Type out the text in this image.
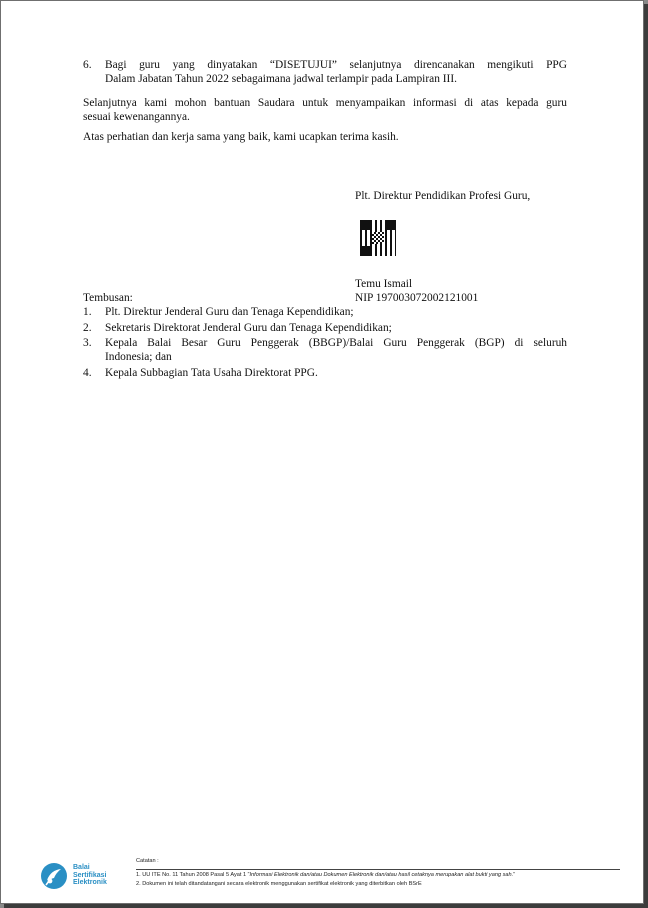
6. Bagi guru yang dinyatakan “DISETUJUI” selanjutnya direncanakan mengikuti PPG
Dalam Jabatan Tahun 2022 sebagaimana jadwal terlampir pada Lampiran III.
Selanjutnya kami mohon bantuan Saudara untuk menyampaikan informasi di atas kepada guru
sesuai kewenangannya.
Atas perhatian dan kerja sama yang baik, kami ucapkan terima kasih.
Plt. Direktur Pendidikan Profesi Guru,
Temu Ismail
NIP 197003072002121001
Tembusan:
1. Plt. Direktur Jenderal Guru dan Tenaga Kependidikan;
2. Sekretaris Direktorat Jenderal Guru dan Tenaga Kependidikan;
3. Kepala Balai Besar Guru Penggerak (BBGP)/Balai Guru Penggerak (BGP) di seluruh
Indonesia; dan
4. Kepala Subbagian Tata Usaha Direktorat PPG.
Balai
Sertifikasi
Elektronik
Catatan :
1. UU ITE No. 11 Tahun 2008 Pasal 5 Ayat 1 “Informasi Elektronik dan/atau Dokumen Elektronik dan/atau hasil cetaknya merupakan alat bukti yang sah.”
2. Dokumen ini telah ditandatangani secara elektronik menggunakan sertifikat elektronik yang diterbitkan oleh BSrE
